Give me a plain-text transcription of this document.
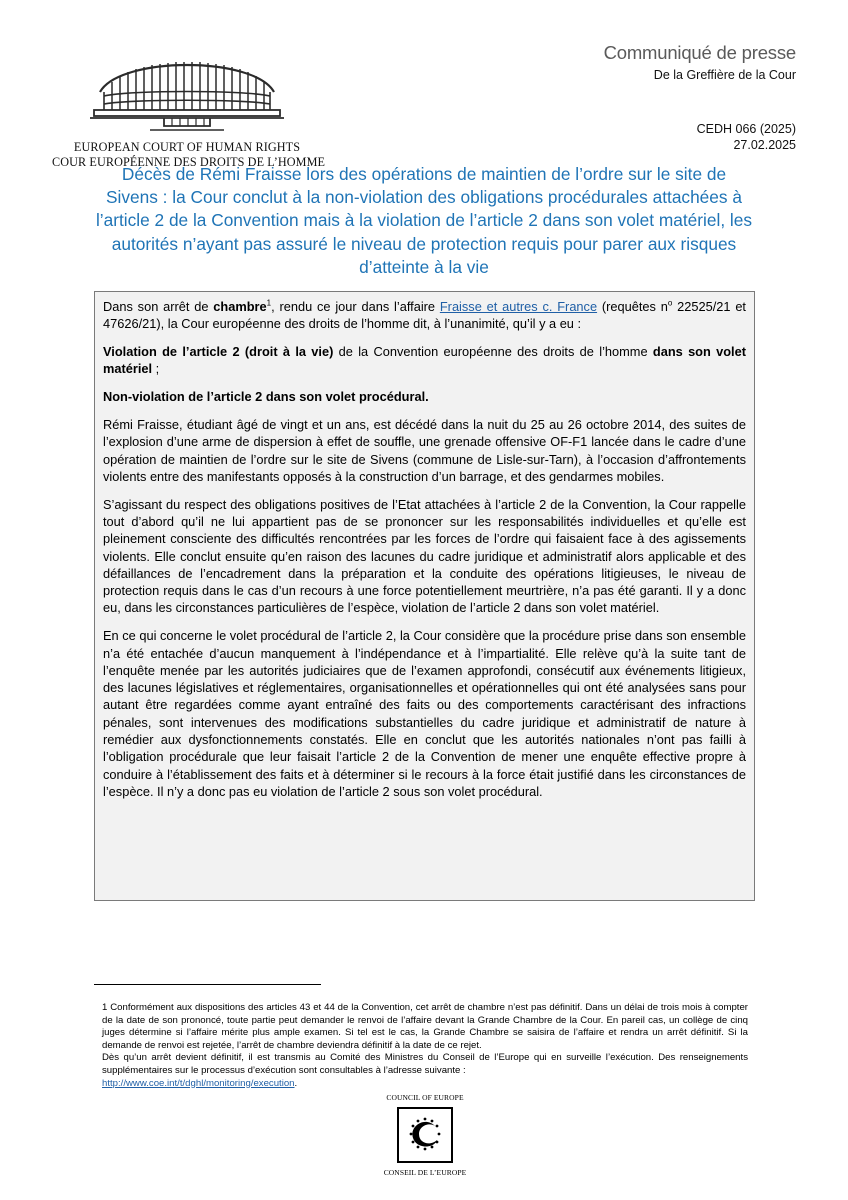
EUROPEAN COURT OF HUMAN RIGHTS
COUR EUROPÉENNE DES DROITS DE L’HOMME
Communiqué de presse
De la Greffière de la Cour
CEDH 066 (2025)
27.02.2025
Décès de Rémi Fraisse lors des opérations de maintien de l’ordre sur le site de Sivens : la Cour conclut à la non-violation des obligations procédurales attachées à l’article 2 de la Convention mais à la violation de l’article 2 dans son volet matériel, les autorités n’ayant pas assuré le niveau de protection requis pour parer aux risques d’atteinte à la vie

Dans son arrêt de chambre$^1$, rendu ce jour dans l’affaire Fraisse et autres c. France (requêtes $n^o$ 22525/21 et 47626/21), la Cour européenne des droits de l’homme dit, à l’unanimité, qu’il y a eu :

Violation de l’article 2 (droit à la vie) de la Convention européenne des droits de l’homme dans son volet matériel ;

Non-violation de l’article 2 dans son volet procédural.

Rémi Fraisse, étudiant âgé de vingt et un ans, est décédé dans la nuit du 25 au 26 octobre 2014, des suites de l’explosion d’une arme de dispersion à effet de souffle, une grenade offensive OF-F1 lancée dans le cadre d’une opération de maintien de l’ordre sur le site de Sivens (commune de Lisle-sur-Tarn), à l’occasion d’affrontements violents entre des manifestants opposés à la construction d’un barrage, et des gendarmes mobiles.

S’agissant du respect des obligations positives de l’Etat attachées à l’article 2 de la Convention, la Cour rappelle tout d’abord qu’il ne lui appartient pas de se prononcer sur les responsabilités individuelles et qu’elle est pleinement consciente des difficultés rencontrées par les forces de l’ordre qui faisaient face à des agissements violents. Elle conclut ensuite qu’en raison des lacunes du cadre juridique et administratif alors applicable et des défaillances de l’encadrement dans la préparation et la conduite des opérations litigieuses, le niveau de protection requis dans le cas d’un recours à une force potentiellement meurtrière, n’a pas été garanti. Il y a donc eu, dans les circonstances particulières de l’espèce, violation de l’article 2 dans son volet matériel.

En ce qui concerne le volet procédural de l’article 2, la Cour considère que la procédure prise dans son ensemble n’a été entachée d’aucun manquement à l’indépendance et à l’impartialité. Elle relève qu’à la suite tant de l’enquête menée par les autorités judiciaires que de l’examen approfondi, consécutif aux événements litigieux, des lacunes législatives et réglementaires, organisationnelles et opérationnelles qui ont été analysées sans pour autant être regardées comme ayant entraîné des faits ou des comportements caractérisant des infractions pénales, sont intervenues des modifications substantielles du cadre juridique et administratif de nature à remédier aux dysfonctionnements constatés. Elle en conclut que les autorités nationales n’ont pas failli à l’obligation procédurale que leur faisait l’article 2 de la Convention de mener une enquête effective propre à conduire à l’établissement des faits et à déterminer si le recours à la force était justifié dans les circonstances de l’espèce. Il n’y a donc pas eu violation de l’article 2 sous son volet procédural.

1 Conformément aux dispositions des articles 43 et 44 de la Convention, cet arrêt de chambre n’est pas définitif. Dans un délai de trois mois à compter de la date de son prononcé, toute partie peut demander le renvoi de l’affaire devant la Grande Chambre de la Cour. En pareil cas, un collège de cinq juges détermine si l’affaire mérite plus ample examen. Si tel est le cas, la Grande Chambre se saisira de l’affaire et rendra un arrêt définitif. Si la demande de renvoi est rejetée, l’arrêt de chambre deviendra définitif à la date de ce rejet.
Dès qu’un arrêt devient définitif, il est transmis au Comité des Ministres du Conseil de l’Europe qui en surveille l’exécution. Des renseignements supplémentaires sur le processus d’exécution sont consultables à l’adresse suivante :
http://www.coe.int/t/dghl/monitoring/execution.
COUNCIL OF EUROPE
CONSEIL DE L’EUROPE
